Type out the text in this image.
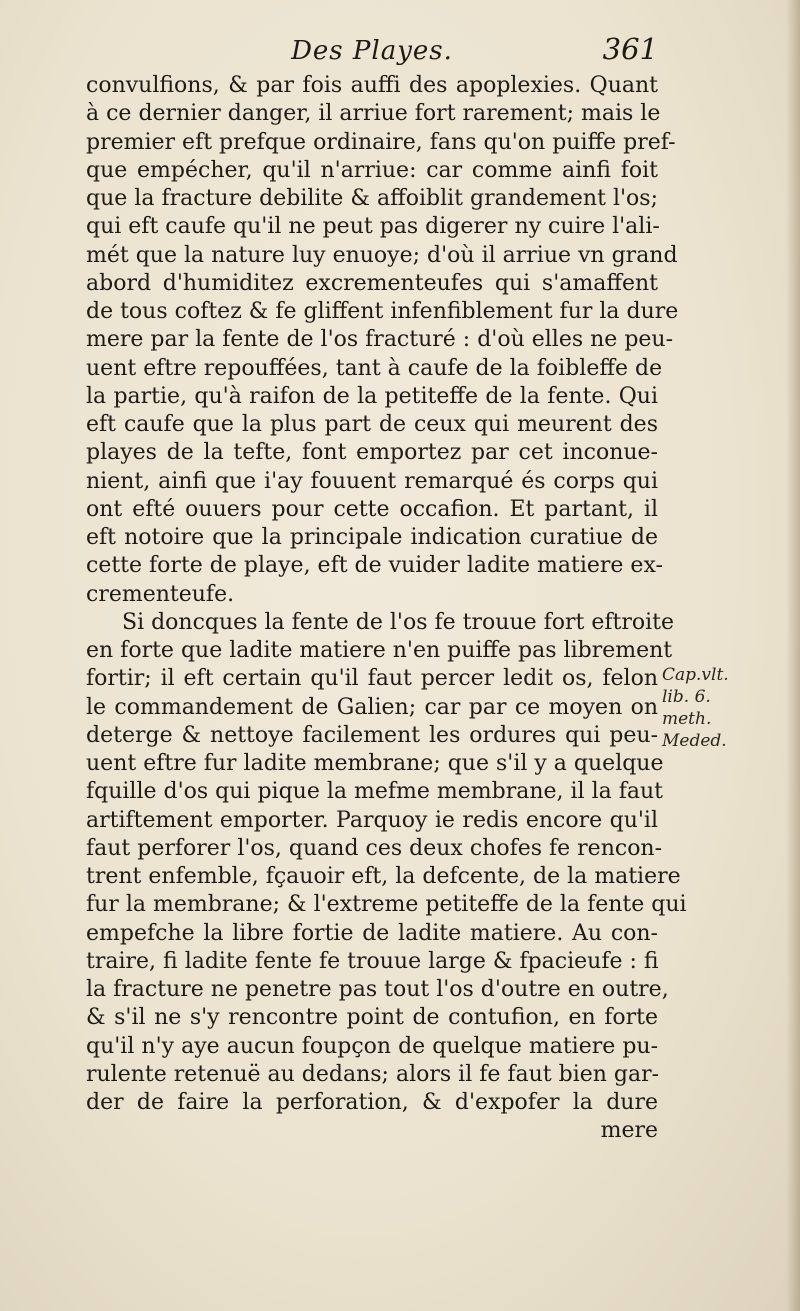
Des Playes.	361
convulfions, & par fois auffi des apoplexies. Quant
à ce dernier danger, il arriue fort rarement; mais le
premier eft prefque ordinaire, fans qu'on puiffe pref-
que empécher, qu'il n'arriue: car comme ainfi foit
que la fracture debilite & affoiblit grandement l'os;
qui eft caufe qu'il ne peut pas digerer ny cuire l'ali-
mét que la nature luy enuoye; d'où il arriue vn grand
abord d'humiditez excrementeufes qui s'amaffent
de tous coftez & fe gliffent infenfiblement fur la dure
mere par la fente de l'os fracturé : d'où elles ne peu-
uent eftre repouffées, tant à caufe de la foibleffe de
la partie, qu'à raifon de la petiteffe de la fente. Qui
eft caufe que la plus part de ceux qui meurent des
playes de la tefte, font emportez par cet inconue-
nient, ainfi que i'ay fouuent remarqué és corps qui
ont efté ouuers pour cette occafion. Et partant, il
eft notoire que la principale indication curatiue de
cette forte de playe, eft de vuider ladite matiere ex-
crementeufe.
Si doncques la fente de l'os fe trouue fort eftroite
en forte que ladite matiere n'en puiffe pas librement
fortir; il eft certain qu'il faut percer ledit os, felon
le commandement de Galien; car par ce moyen on
deterge & nettoye facilement les ordures qui peu-
uent eftre fur ladite membrane; que s'il y a quelque
fquille d'os qui pique la mefme membrane, il la faut
artiftement emporter. Parquoy ie redis encore qu'il
faut perforer l'os, quand ces deux chofes fe rencon-
trent enfemble, fçauoir eft, la defcente, de la matiere
fur la membrane; & l'extreme petiteffe de la fente qui
empefche la libre fortie de ladite matiere. Au con-
traire, fi ladite fente fe trouue large & fpacieufe : fi
la fracture ne penetre pas tout l'os d'outre en outre,
& s'il ne s'y rencontre point de contufion, en forte
qu'il n'y aye aucun foupçon de quelque matiere pu-
rulente retenuë au dedans; alors il fe faut bien gar-
der de faire la perforation, & d'expofer la dure
mere
Cap.vlt.
lib. 6.
meth.
Meded.
